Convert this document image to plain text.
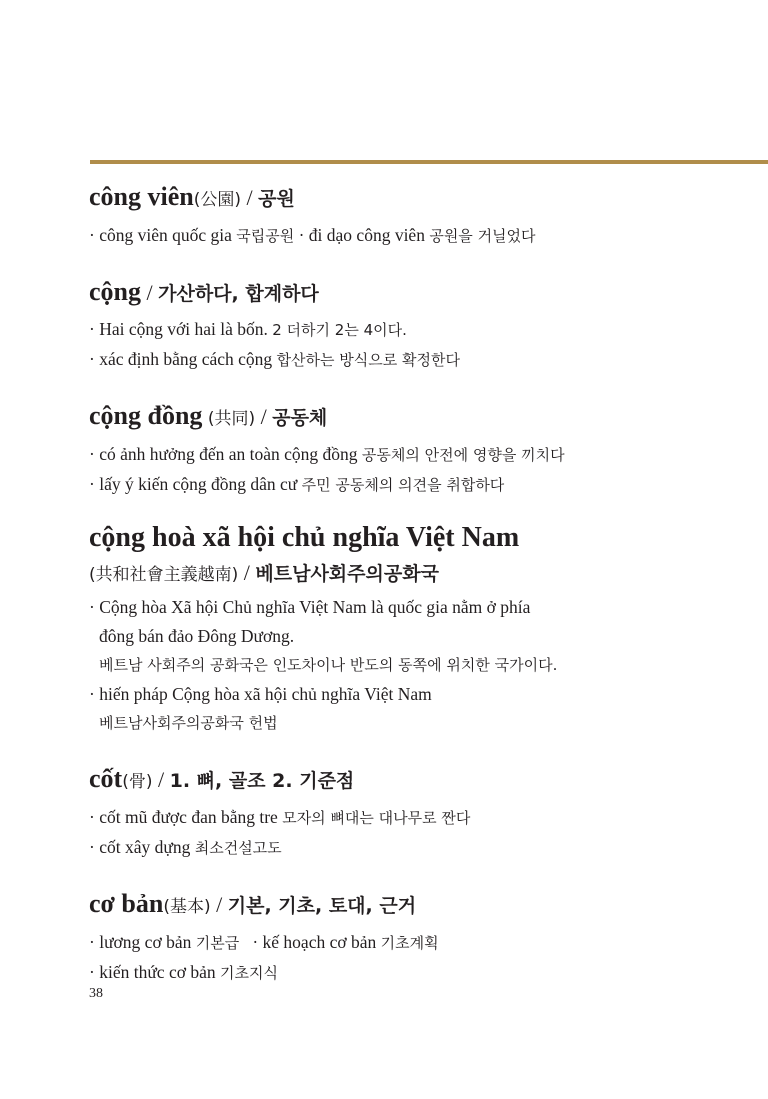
công viên(公園) / 공원

· công viên quốc gia 국립공원 · đi dạo công viên 공원을 거닐었다

cộng / 가산하다, 합계하다

· Hai cộng với hai là bốn. 2 더하기 2는 4이다.

· xác định bằng cách cộng 합산하는 방식으로 확정한다

cộng đồng (共同) / 공동체

· có ảnh hưởng đến an toàn cộng đồng 공동체의 안전에 영향을 끼치다

· lấy ý kiến cộng đồng dân cư 주민 공동체의 의견을 취합하다

cộng hoà xã hội chủ nghĩa Việt Nam

(共和社會主義越南) / 베트남사회주의공화국

· Cộng hòa Xã hội Chủ nghĩa Việt Nam là quốc gia nằm ở phía

đông bán đảo Đông Dương.

베트남 사회주의 공화국은 인도차이나 반도의 동쪽에 위치한 국가이다.

· hiến pháp Cộng hòa xã hội chủ nghĩa Việt Nam

베트남사회주의공화국 헌법

cốt(骨) / 1. 뼈, 골조 2. 기준점

· cốt mũ được đan bằng tre 모자의 뼈대는 대나무로 짠다

· cốt xây dựng 최소건설고도

cơ bản(基本) / 기본, 기초, 토대, 근거

· lương cơ bản 기본급   · kế hoạch cơ bản 기초계획

· kiến thức cơ bản 기초지식

38
